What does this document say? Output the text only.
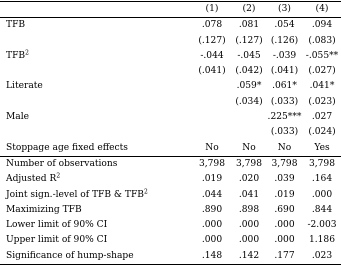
	(1)	(2)	(3)	(4)
TFB	.078	.081	.054	.094
	(.127)	(.127)	(.126)	(.083)
TFB$^2$	-.044	-.045	-.039	-.055**
	(.041)	(.042)	(.041)	(.027)
Literate		.059*	.061*	.041*
		(.034)	(.033)	(.023)
Male			.225***	.027
			(.033)	(.024)
Stoppage age fixed effects	No	No	No	Yes
Number of observations	3,798	3,798	3,798	3,798
Adjusted $R^2$	.019	.020	.039	.164
Joint sign.-level of TFB & TFB$^2$	.044	.041	.019	.000
Maximizing TFB	.890	.898	.690	.844
Lower limit of 90% CI	.000	.000	.000	-2.003
Upper limit of 90% CI	.000	.000	.000	1.186
Significance of hump-shape	.148	.142	.177	.023
